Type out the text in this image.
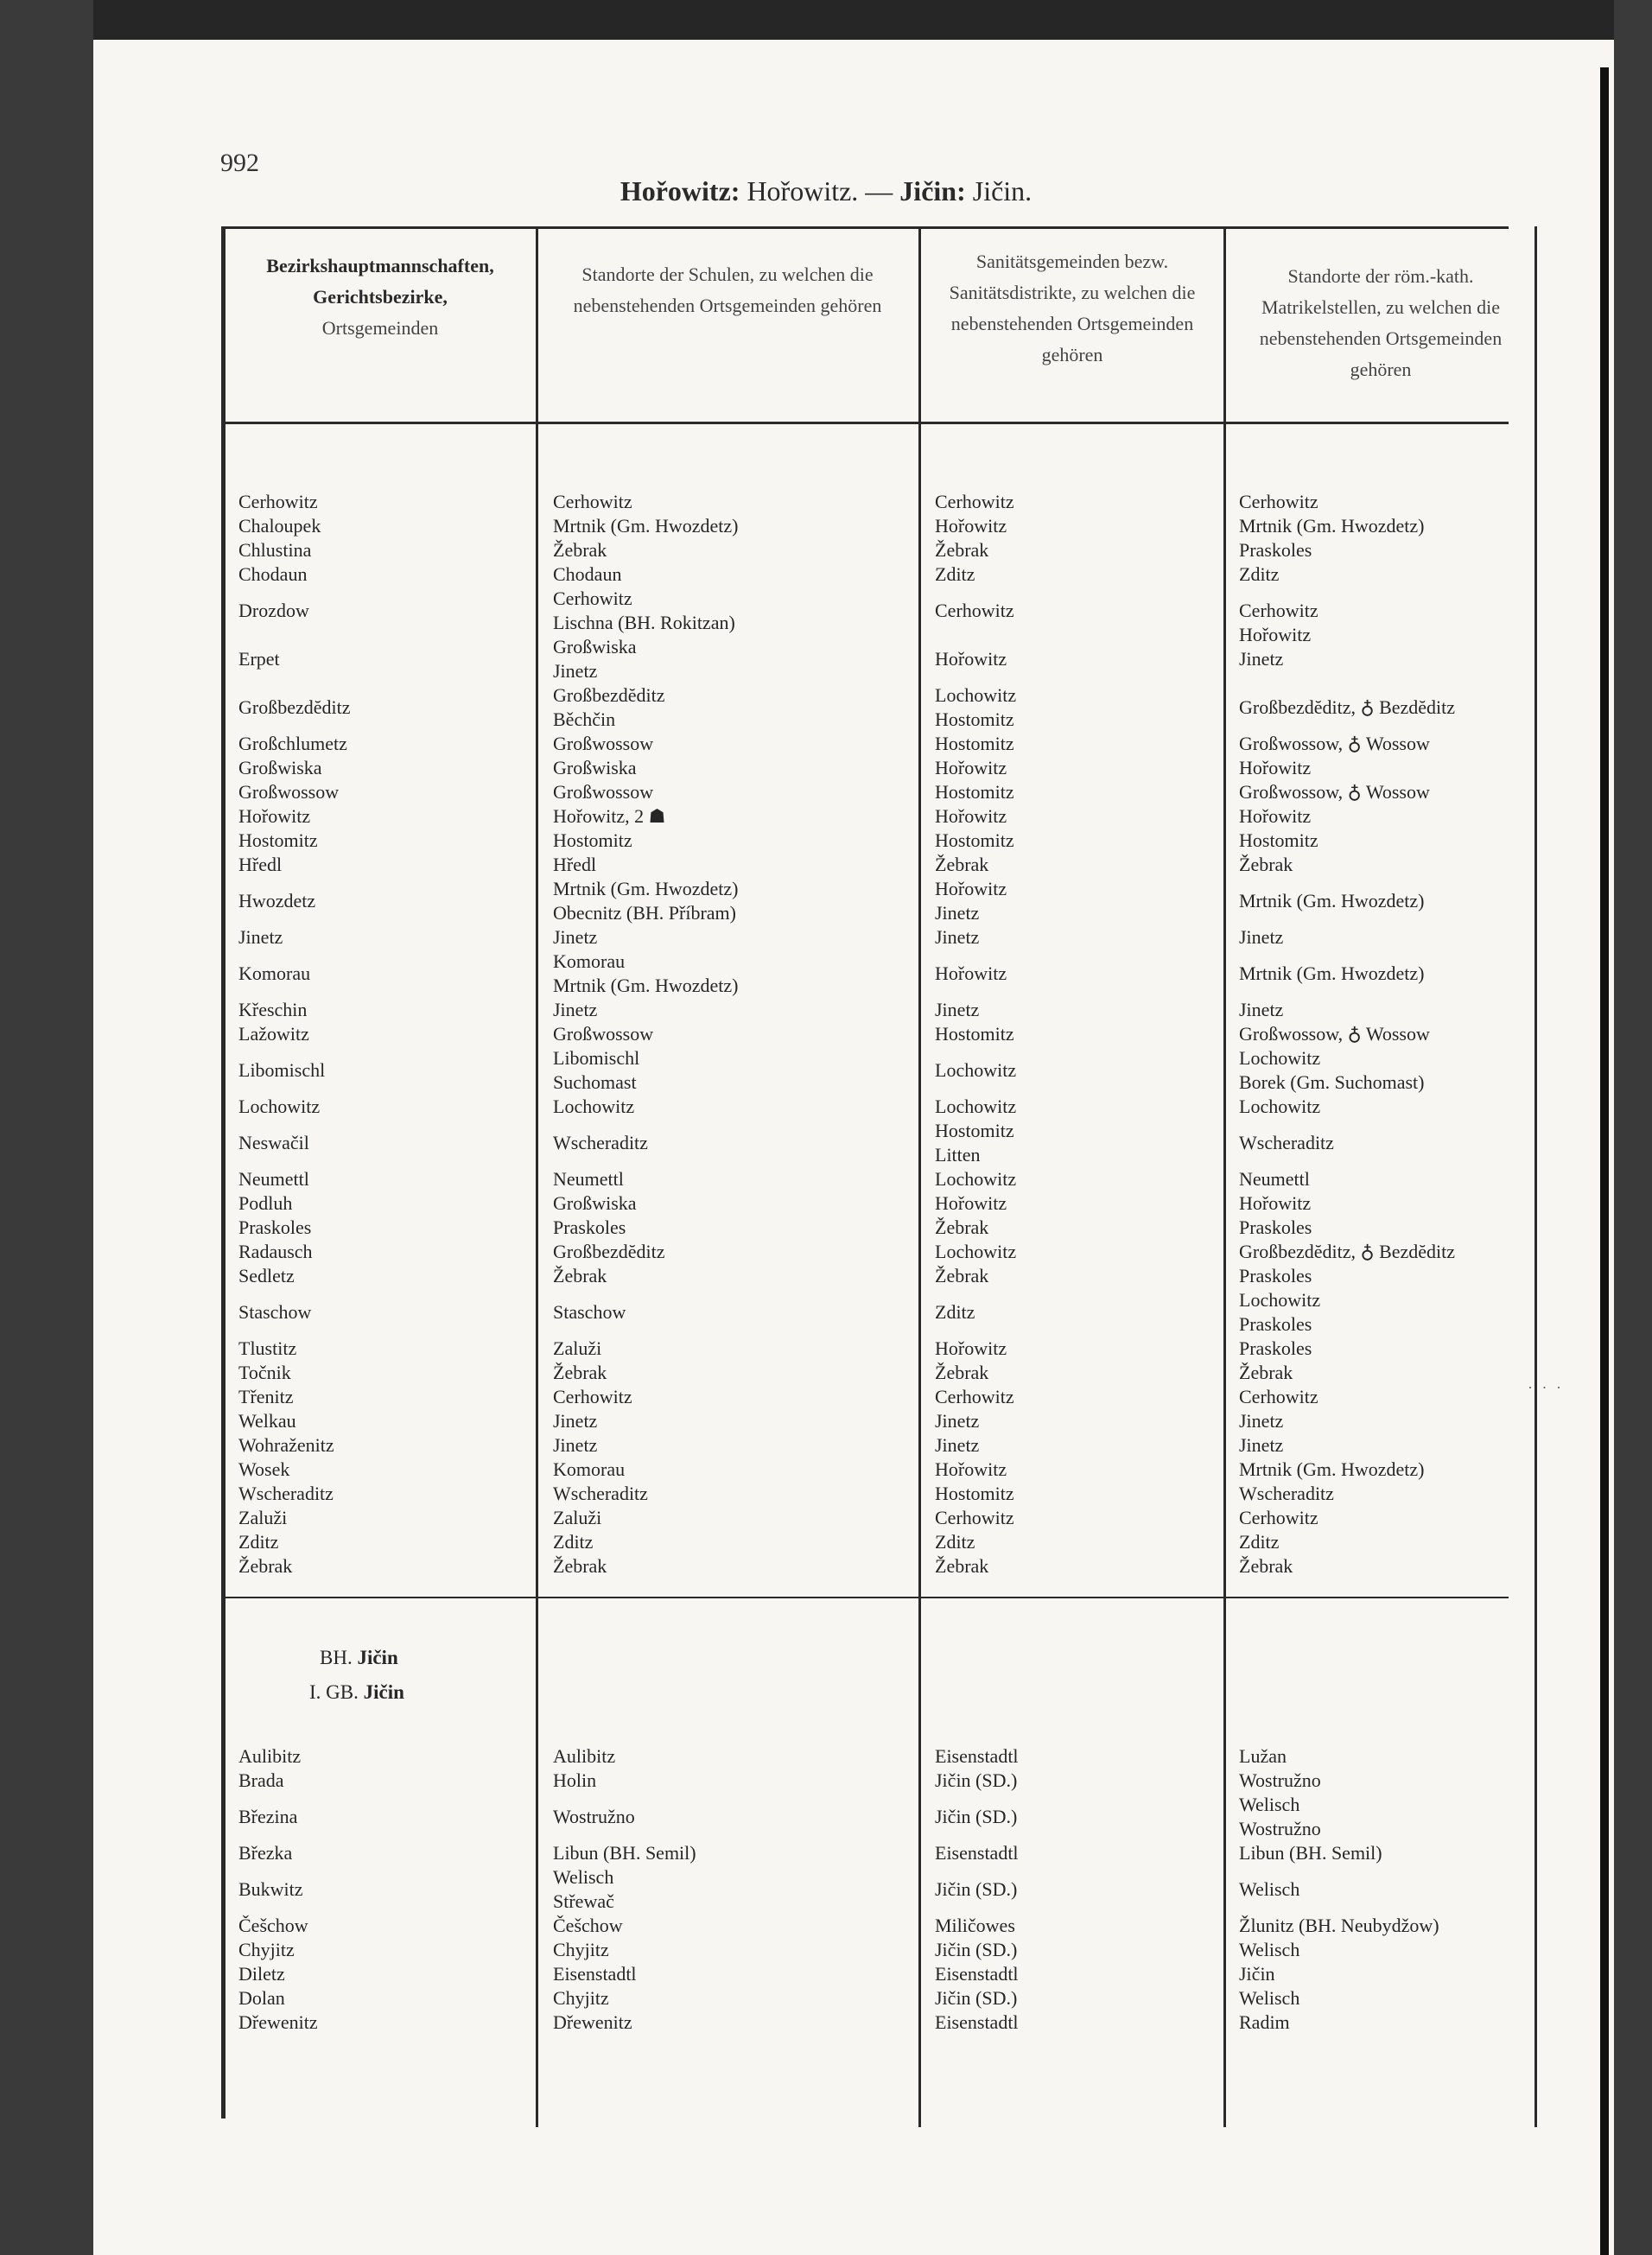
992
Hořowitz: Hořowitz. — Jičin: Jičin.
Bezirkshauptmannschaften,
Gerichtsbezirke,
Ortsgemeinden
Standorte der Schulen, zu welchen die nebenstehenden Ortsgemeinden gehören
Sanitätsgemeinden bezw. Sanitätsdistrikte, zu welchen die nebenstehenden Ortsgemeinden gehören
Standorte der röm.-kath. Matrikelstellen, zu welchen die nebenstehenden Ortsgemeinden gehören
Cerhowitz
Chaloupek
Chlustina
Chodaun
Drozdow
Erpet
Großbezdĕditz
Großchlumetz
Großwiska
Großwossow
Hořowitz
Hostomitz
Hředl
Hwozdetz
Jinetz
Komorau
Křeschin
Lažowitz
Libomischl
Lochowitz
Neswačil
Neumettl
Podluh
Praskoles
Radausch
Sedletz
Staschow
Tlustitz
Točnik
Třenitz
Welkau
Wohraženitz
Wosek
Wscheraditz
Zaluži
Zditz
Žebrak
Cerhowitz
Mrtnik (Gm. Hwozdetz)
Žebrak
Chodaun
Cerhowitz
Lischna (BH. Rokitzan)
Großwiska
Jinetz
Großbezdĕditz
Běchčin
Großwossow
Großwiska
Großwossow
Hořowitz, 2 ☗
Hostomitz
Hředl
Mrtnik (Gm. Hwozdetz)
Obecnitz (BH. Příbram)
Jinetz
Komorau
Mrtnik (Gm. Hwozdetz)
Jinetz
Großwossow
Libomischl
Suchomast
Lochowitz
Wscheraditz
Neumettl
Großwiska
Praskoles
Großbezdĕditz
Žebrak
Staschow
Zaluži
Žebrak
Cerhowitz
Jinetz
Jinetz
Komorau
Wscheraditz
Zaluži
Zditz
Žebrak
Cerhowitz
Hořowitz
Žebrak
Zditz
Cerhowitz
Hořowitz
Lochowitz
Hostomitz
Hostomitz
Hořowitz
Hostomitz
Hořowitz
Hostomitz
Žebrak
Hořowitz
Jinetz
Jinetz
Hořowitz
Jinetz
Hostomitz
Lochowitz
Lochowitz
Hostomitz
Litten
Lochowitz
Hořowitz
Žebrak
Lochowitz
Žebrak
Zditz
Hořowitz
Žebrak
Cerhowitz
Jinetz
Jinetz
Hořowitz
Hostomitz
Cerhowitz
Zditz
Žebrak
Cerhowitz
Mrtnik (Gm. Hwozdetz)
Praskoles
Zditz
Cerhowitz
Hořowitz
Jinetz
Großbezdĕditz, ♁ Bezdĕditz
Großwossow, ♁ Wossow
Hořowitz
Großwossow, ♁ Wossow
Hořowitz
Hostomitz
Žebrak
Mrtnik (Gm. Hwozdetz)
Jinetz
Mrtnik (Gm. Hwozdetz)
Jinetz
Großwossow, ♁ Wossow
Lochowitz
Borek (Gm. Suchomast)
Lochowitz
Wscheraditz
Neumettl
Hořowitz
Praskoles
Großbezdĕditz, ♁ Bezdĕditz
Praskoles
Lochowitz
Praskoles
Praskoles
Žebrak
Cerhowitz
Jinetz
Jinetz
Mrtnik (Gm. Hwozdetz)
Wscheraditz
Cerhowitz
Zditz
Žebrak
BH. Jičin
I. GB. Jičin
Aulibitz
Brada
Březina
Březka
Bukwitz
Češchow
Chyjitz
Diletz
Dolan
Dřewenitz
Aulibitz
Holin
Wostružno
Libun (BH. Semil)
Welisch
Střewač
Češchow
Chyjitz
Eisenstadtl
Chyjitz
Dřewenitz
Eisenstadtl
Jičin (SD.)
Jičin (SD.)
Eisenstadtl
Jičin (SD.)
Miličowes
Jičin (SD.)
Eisenstadtl
Jičin (SD.)
Eisenstadtl
Lužan
Wostružno
Welisch
Wostružno
Libun (BH. Semil)
Welisch
Žlunitz (BH. Neubydžow)
Welisch
Jičin
Welisch
Radim
· · ·
